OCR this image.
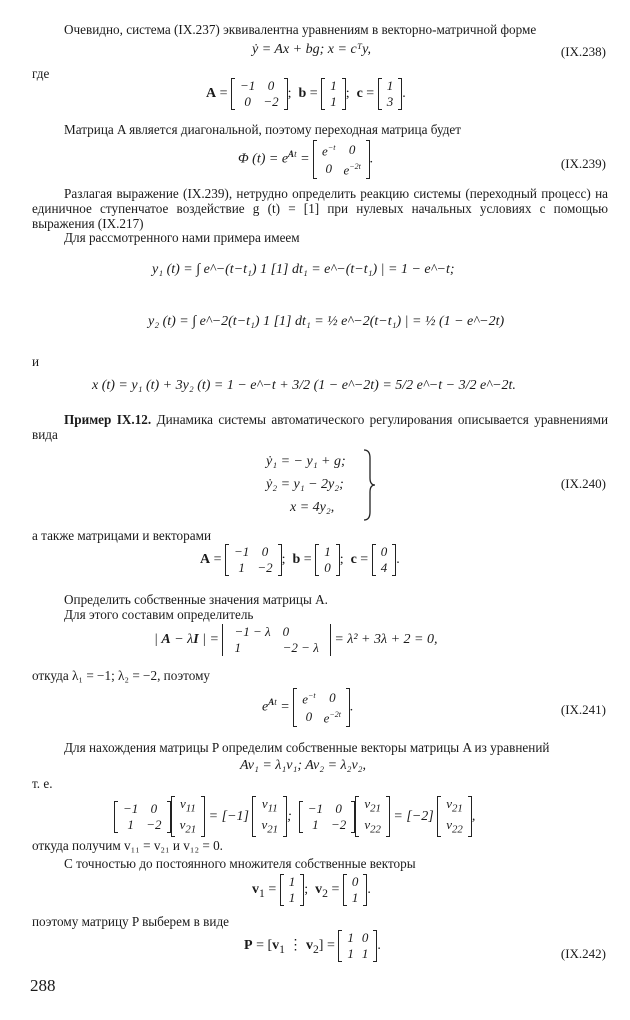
Очевидно, система (IX.237) эквивалентна уравнениям в векторно-матричной форме
ẏ = Ax + bg; x = cᵀy,	(IX.238)
где
A =
−1	0
0	−2
;  b =
1
1
;  c =
1
3
.
Матрица A является диагональной, поэтому переходная матрица будет
Φ $(t) = e^{At}$ =
$e^{-t}$	0
0	$e^{-2t}$
.	(IX.239)
Разлагая выражение (IX.239), нетрудно определить реакцию системы (переходный процесс) на единичное ступенчатое воздействие g (t) = [1] при нулевых начальных условиях с помощью выражения (IX.217)
Для рассмотренного нами примера имеем
y₁ (t) = ∫ e^−(t−t₁) 1 [1] dt₁ = e^−(t−t₁) | = 1 − e^−t;
y₂ (t) = ∫ e^−2(t−t₁) 1 [1] dt₁ = ½ e^−2(t−t₁) | = ½ (1 − e^−2t)
и
x (t) = y₁ (t) + 3y₂ (t) = 1 − e^−t + 3/2 (1 − e^−2t) = 5/2 e^−t − 3/2 e^−2t.
Пример IX.12. Динамика системы автоматического регулирования описывается уравнениями вида
ẏ₁ = − y₁ + g;
ẏ₂ = y₁ − 2y₂;
x = 4y₂,
(IX.240)
а также матрицами и векторами
A =
−1	0
1	−2
;  b =
1
0
;  c =
0
4
.
Определить собственные значения матрицы A.
Для этого составим определитель
| A − λI | =
−1 − λ	0
1	−2 − λ
= λ² + 3λ + 2 = 0,
откуда λ₁ = −1; λ₂ = −2, поэтому
$e^{At}$ =
$e^{-t}$	0
0	$e^{-2t}$
.	(IX.241)
Для нахождения матрицы P определим собственные векторы матрицы A из уравнений
Av₁ = λ₁v₁; Av₂ = λ₂v₂,
т. е.
−1	0
1	−2
$v_{11}$
$v_{21}$
= [−1]
$v_{11}$
$v_{21}$
;
−1	0
1	−2
$v_{21}$
$v_{22}$
= [−2]
$v_{21}$
$v_{22}$
,
откуда получим v₁₁ = v₂₁ и v₁₂ = 0.
С точностью до постоянного множителя собственные векторы
$v_1$ =
1
1
;  $v_2$ =
0
1
.
поэтому матрицу P выберем в виде
$P = [v_1$ ⋮ $v_2$] =
1	0
1	1
.
(IX.242)
288
